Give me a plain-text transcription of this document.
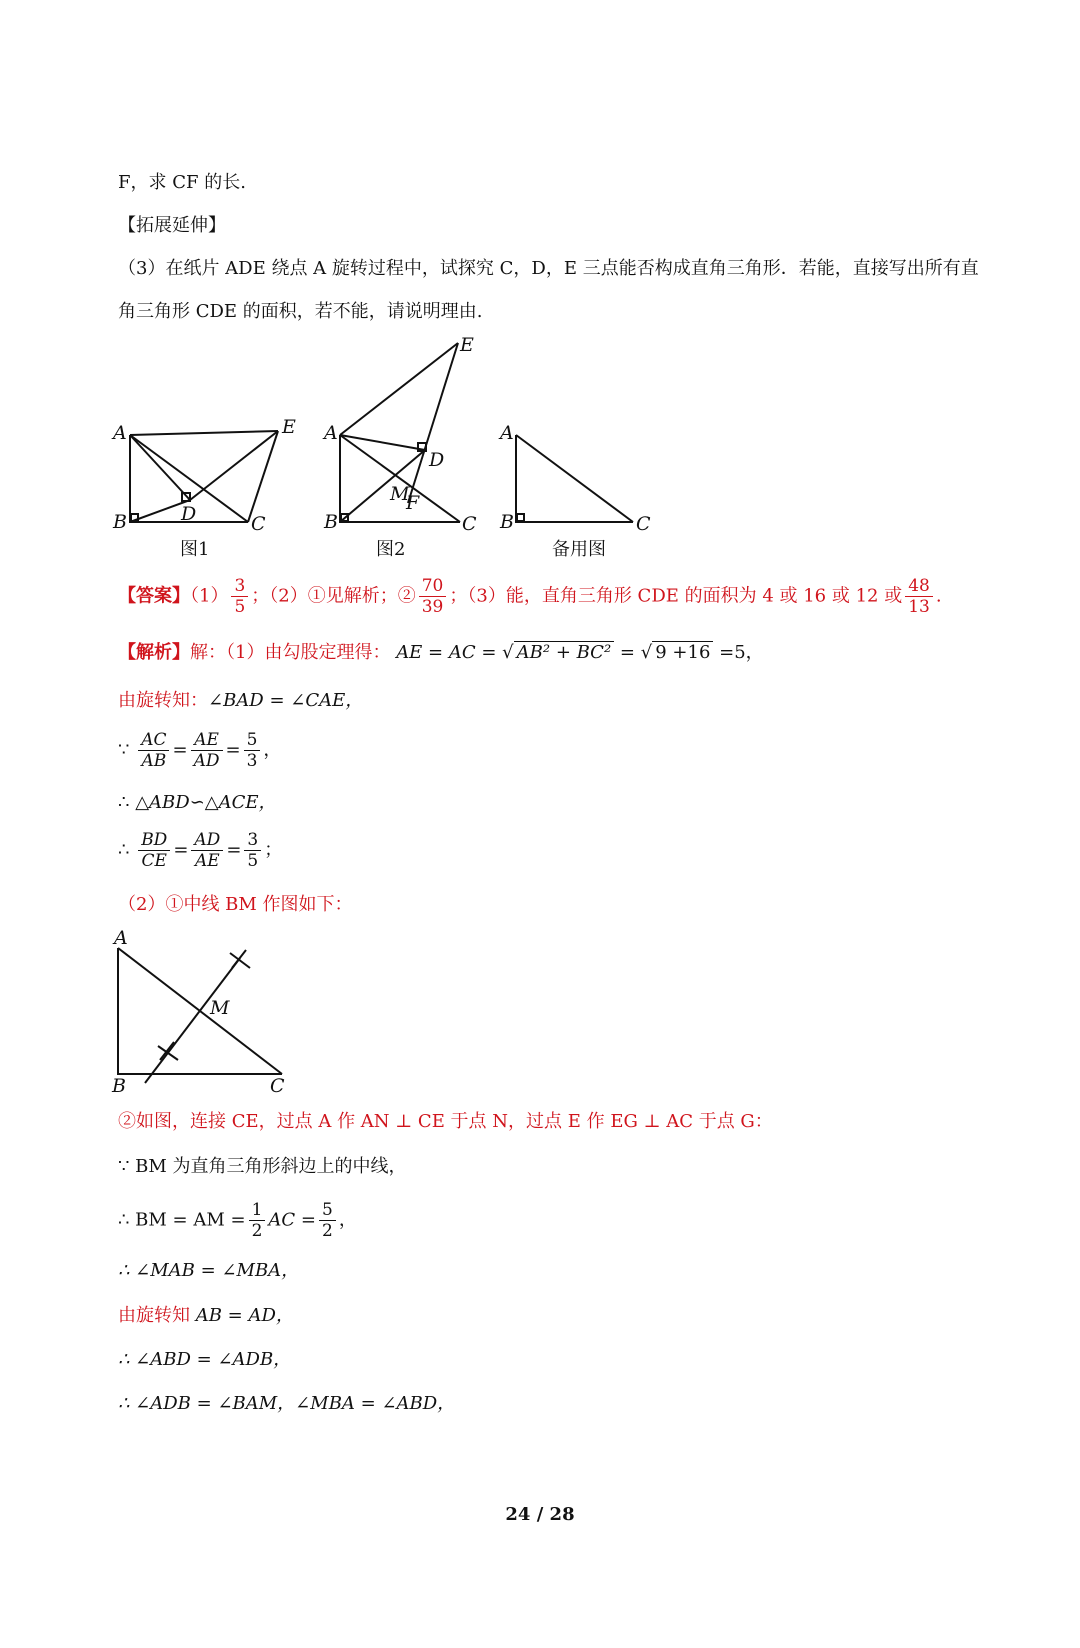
F，求 CF 的长.
【拓展延伸】
（3）在纸片 ADE 绕点 A 旋转过程中，试探究 C，D，E 三点能否构成直角三角形．若能，直接写出所有直
角三角形 CDE 的面积，若不能，请说明理由.
A	E
B	D	C
A
E
D
M
F
B	C
A
B	C
图1	图2	备用图
【答案】$(1) \frac{3}{5}$ ；（2）①见解析；② $\frac{70}{39}$ ；（3）能，直角三角形 CDE 的面积为 4 或 16 或 12 或 $\frac{48}{13}$ .
【解析】解：（1）由勾股定理得： AE = AC = √ AB² + BC² = √ 9 +16 =5，
由旋转知：∠BAD = ∠CAE，
∵ $\frac{AC}{AB} = \frac{AE}{AD} = \frac{5}{3}$ ，
∴ △ABD∽△ACE，
∴ $\frac{BD}{CE} = \frac{AD}{AE} = \frac{3}{5}$ ；
（2）①中线 BM 作图如下：
A
M
B	C
②如图，连接 CE，过点 A 作 AN ⊥ CE 于点 N，过点 E 作 EG ⊥ AC 于点 G：
∵ BM 为直角三角形斜边上的中线，
∴ BM = AM = $\frac{1}{2}$ AC = $\frac{5}{2}$ ，
∴ ∠MAB = ∠MBA，
由旋转知 AB = AD，
∴ ∠ABD = ∠ADB，
∴ ∠ADB = ∠BAM，∠MBA = ∠ABD，
24 / 28
